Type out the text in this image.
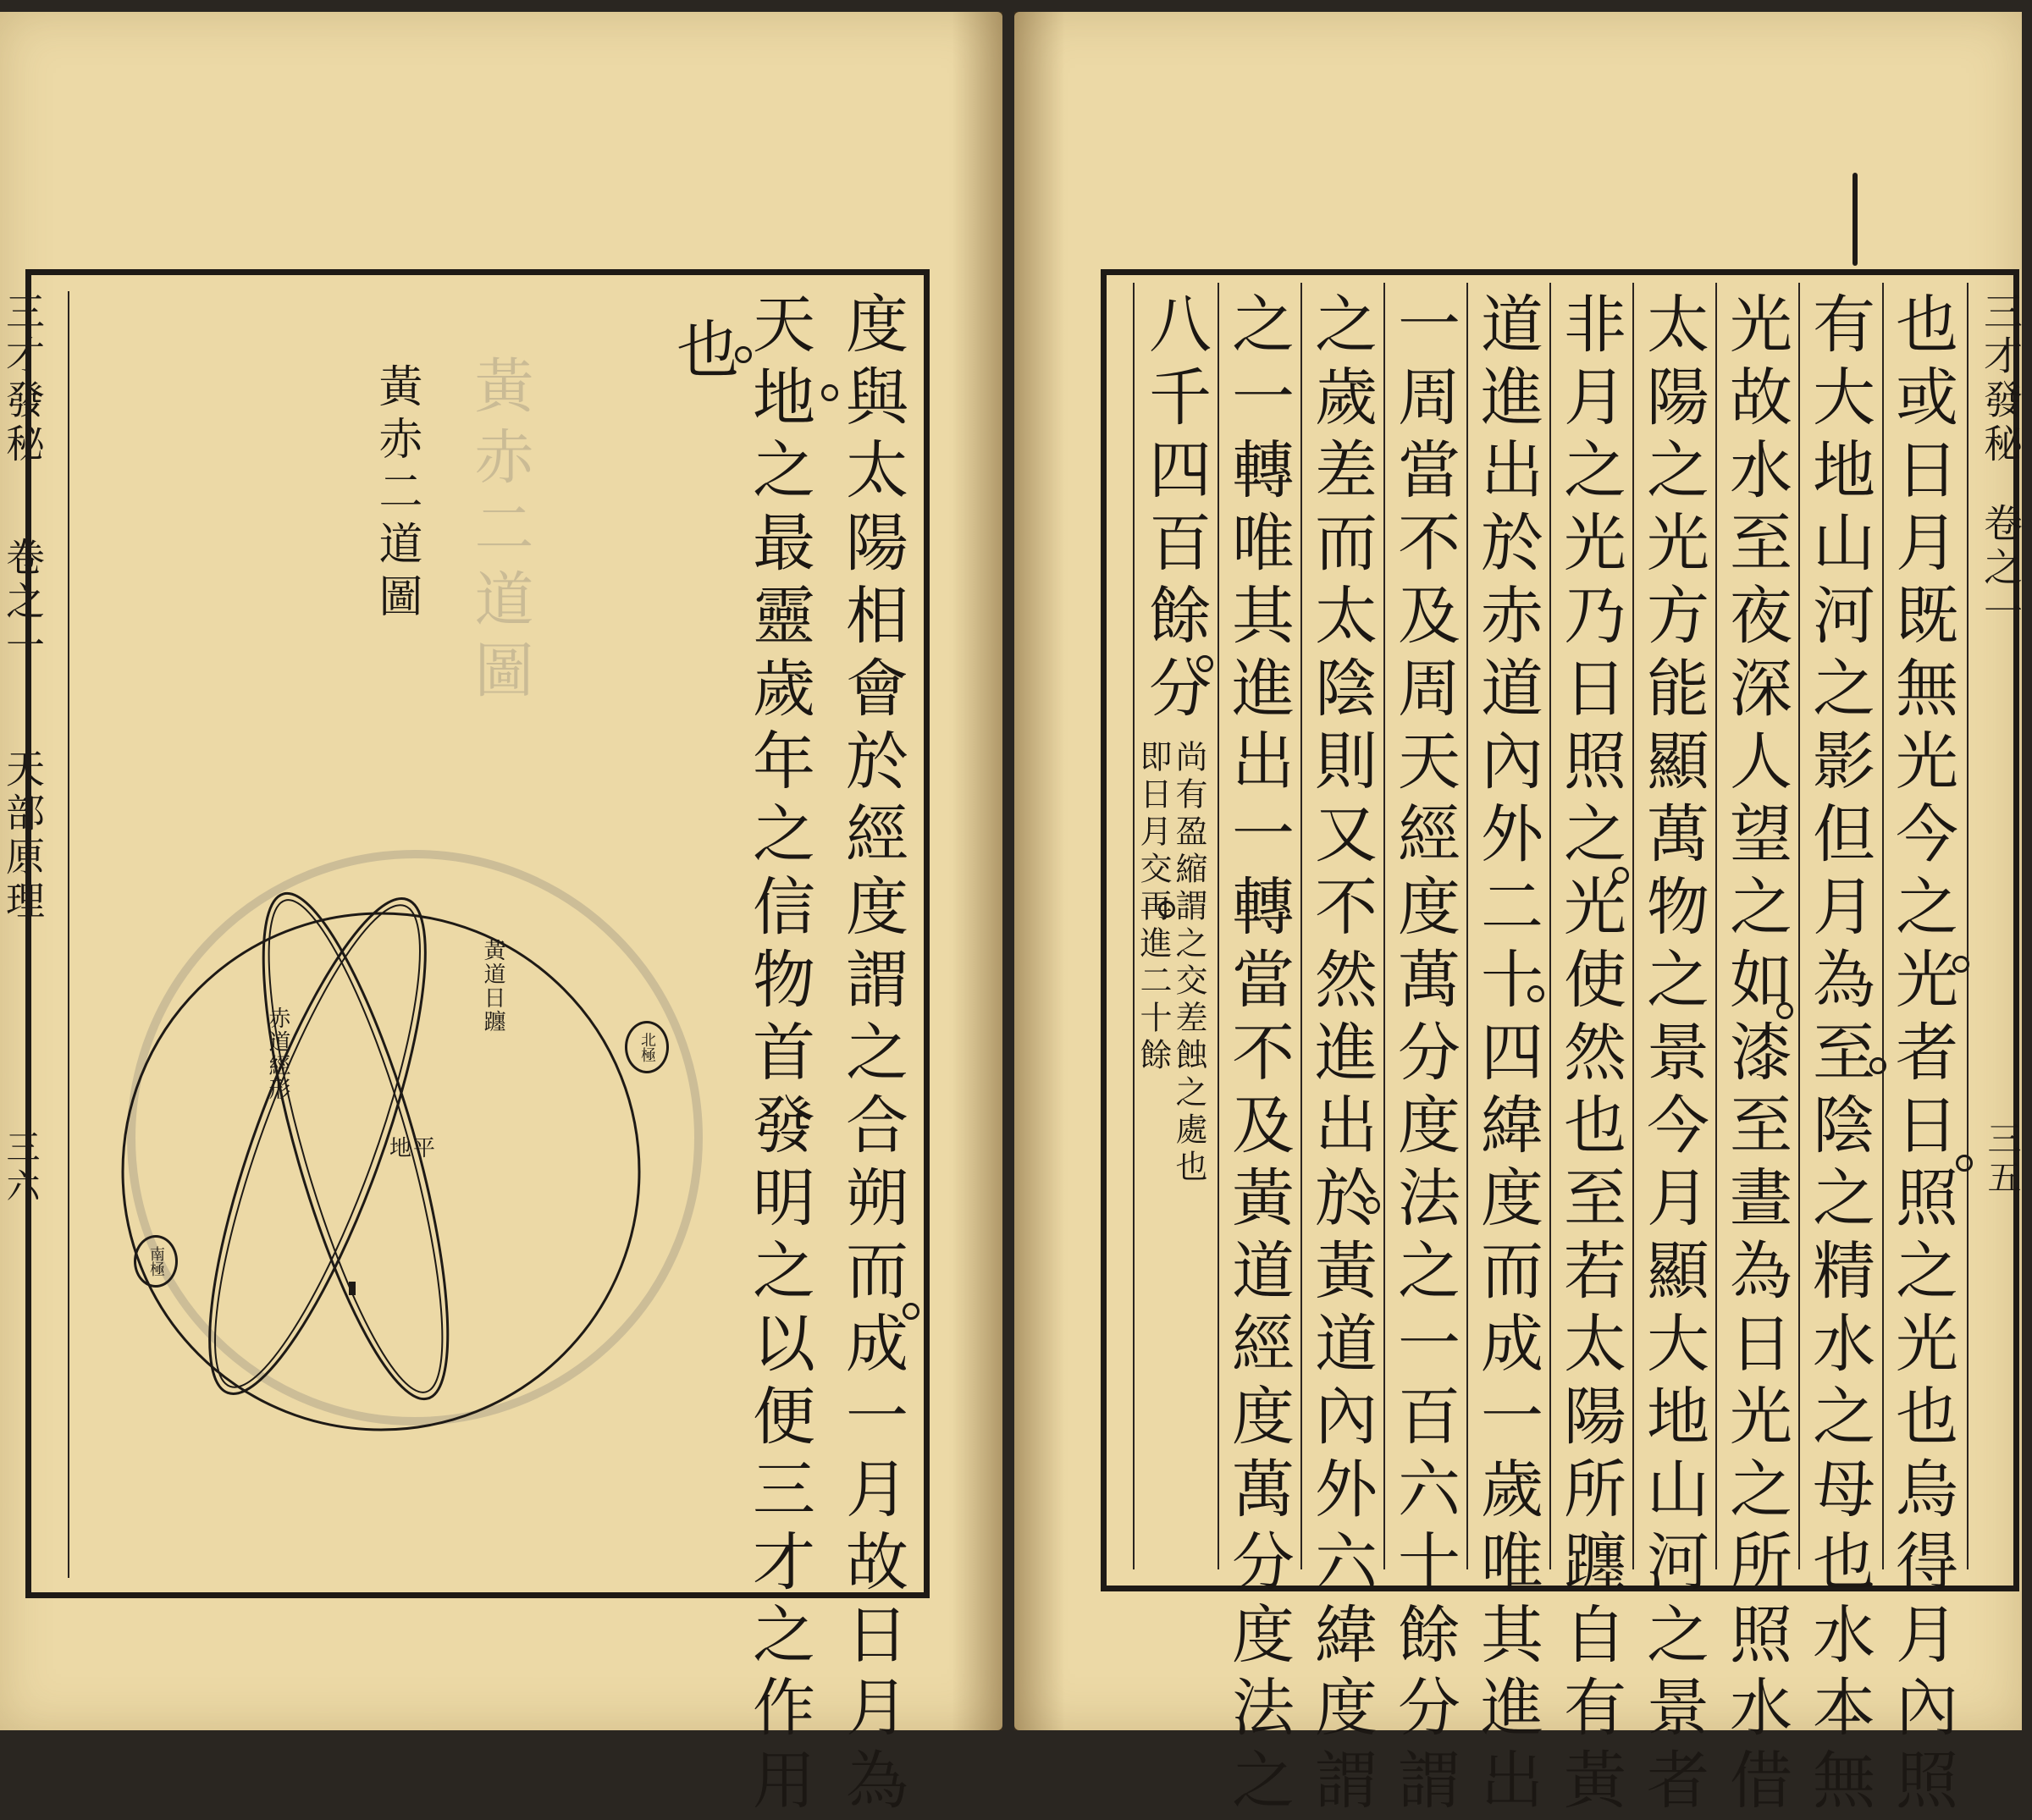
三才發秘
卷之一
天部原理
三六
黃赤二道圖
黃赤二道圖	度與太陽相會於經度謂之合朔而成一月故日月為
天地之最靈歲年之信物首發明之以便三才之作用
也
黃道日躔
赤道經形
地平
北極
南極
三才發秘
卷之一
三五
也或日月既無光今之光者日照之光也烏得月內照
有大地山河之影但月為至陰之精水之母也水本無
光故水至夜深人望之如漆至晝為日光之所照水借
太陽之光方能顯萬物之景今月顯大地山河之景者
非月之光乃日照之光使然也至若太陽所躔自有黃
道進出於赤道內外二十四緯度而成一歲唯其進出
一周當不及周天經度萬分度法之一百六十餘分謂
之歲差而太陰則又不然進出於黃道內外六緯度謂
之一轉唯其進出一轉當不及黃道經度萬分度法之
八千四百餘分
尚有盈縮謂之交差蝕之處也
即日月交再進二十餘
